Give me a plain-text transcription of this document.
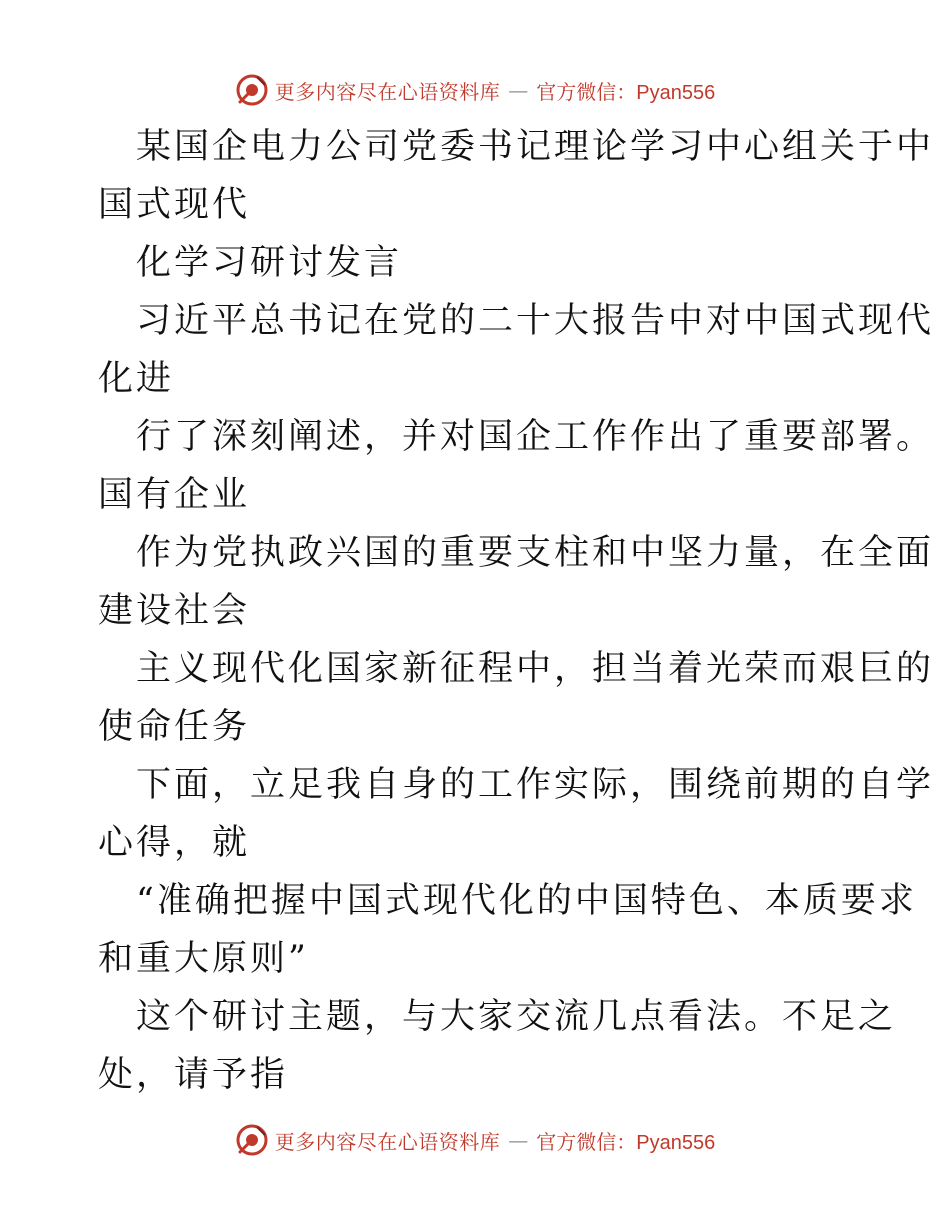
更多内容尽在心语资料库 — 官方微信：Pyan556
某国企电力公司党委书记理论学习中心组关于中
国式现代
化学习研讨发言
习近平总书记在党的二十大报告中对中国式现代
化进
行了深刻阐述，并对国企工作作出了重要部署。
国有企业
作为党执政兴国的重要支柱和中坚力量，在全面
建设社会
主义现代化国家新征程中，担当着光荣而艰巨的
使命任务
下面，立足我自身的工作实际，围绕前期的自学
心得，就
“准确把握中国式现代化的中国特色、本质要求
和重大原则”
这个研讨主题，与大家交流几点看法。不足之
处，请予指
更多内容尽在心语资料库 — 官方微信：Pyan556
